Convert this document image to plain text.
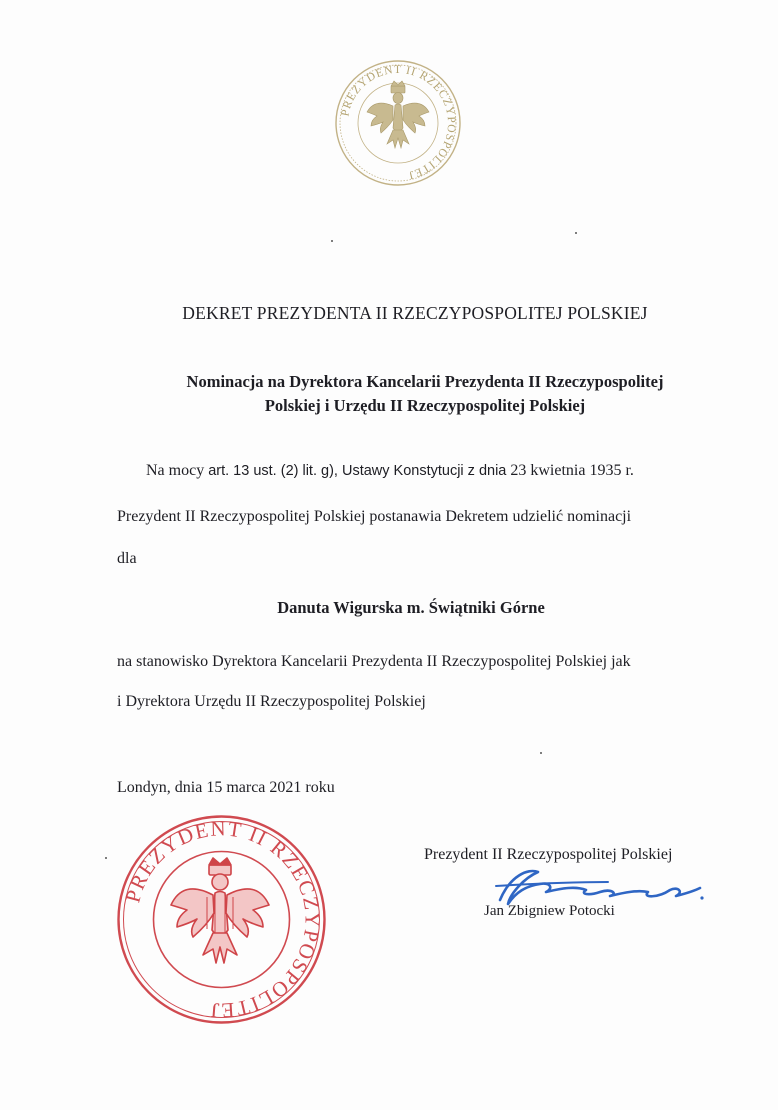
PREZYDENT II RZECZYPOSPOLITEJ
DEKRET PREZYDENTA II RZECZYPOSPOLITEJ POLSKIEJ
Nominacja na Dyrektora Kancelarii Prezydenta II Rzeczypospolitej
Polskiej i Urzędu II Rzeczypospolitej Polskiej
Na mocy art. 13 ust. (2) lit. g), Ustawy Konstytucji z dnia 23 kwietnia 1935 r.
Prezydent II Rzeczypospolitej Polskiej postanawia Dekretem udzielić nominacji
dla
Danuta Wigurska m. Świątniki Górne
na stanowisko Dyrektora Kancelarii Prezydenta II Rzeczypospolitej Polskiej jak
i Dyrektora Urzędu II Rzeczypospolitej Polskiej
Londyn, dnia 15 marca 2021 roku
PREZYDENT II RZECZYPOSPOLITEJ
Prezydent II Rzeczypospolitej Polskiej
Jan Zbigniew Potocki
